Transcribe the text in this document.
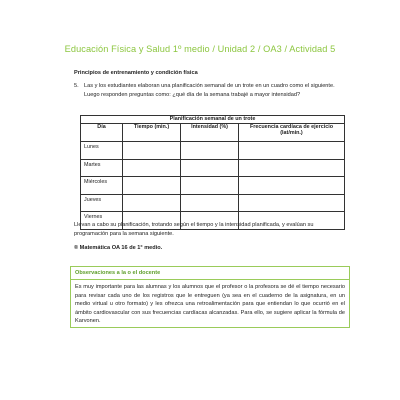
Educación Física y Salud 1º medio / Unidad 2 / OA3 / Actividad 5
Principios de entrenamiento y condición física
5. Las y los estudiantes elaboran una planificación semanal de un trote en un cuadro como el siguiente. Luego responden preguntas como: ¿qué día de la semana trabajé a mayor intensidad?
Planificación semanal de un trote			
Día	Tiempo (min.)	Intensidad (%)	Frecuencia cardíaca de ejercicio (lat/min.)
Lunes			
Martes			
Miércoles			
Jueves			
Viernes			
Llevan a cabo su planificación, trotando según el tiempo y la intensidad planificada, y evalúan su programación para la semana siguiente.
® Matemática OA 16 de 1° medio.
Observaciones a la o el docente
Es muy importante para las alumnas y los alumnos que el profesor o la profesora se dé el tiempo necesario para revisar cada uno de los registros que le entreguen (ya sea en el cuaderno de la asignatura, en un medio virtual u otro formato) y les ofrezca una retroalimentación para que entiendan lo que ocurrió en el ámbito cardiovascular con sus frecuencias cardíacas alcanzadas. Para ello, se sugiere aplicar la fórmula de Karvonen.
